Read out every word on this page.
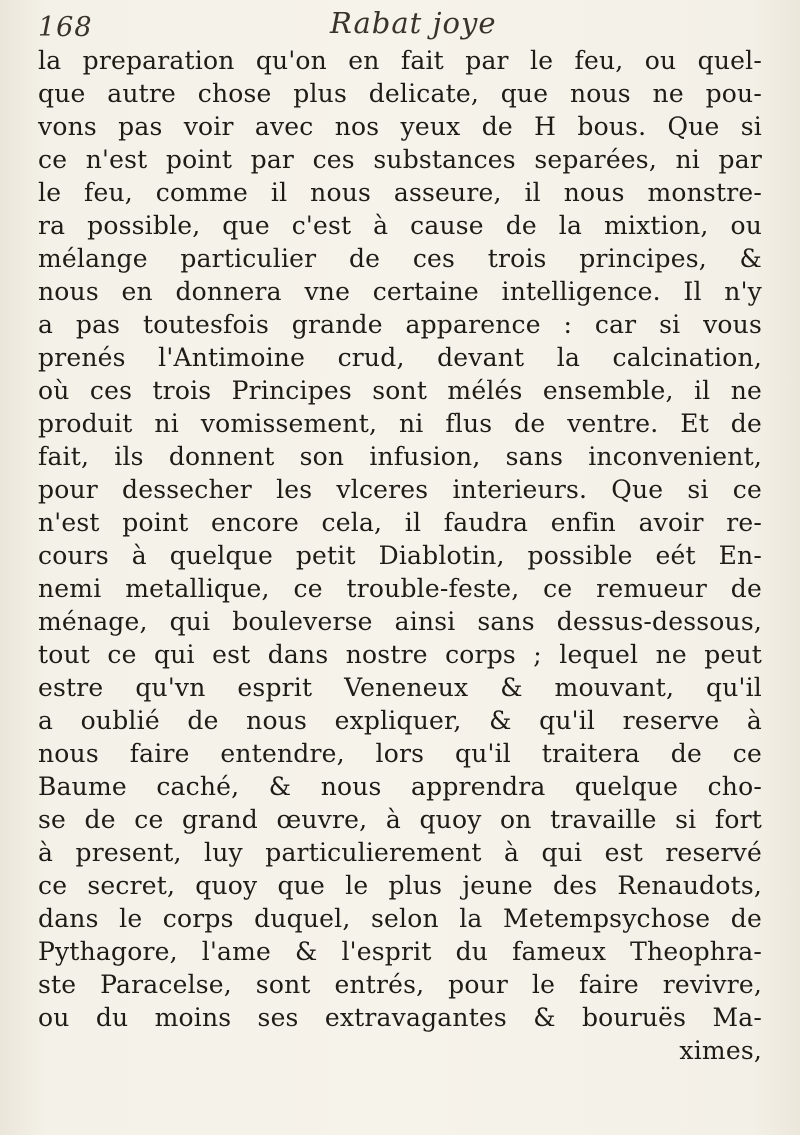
168	Rabat joye
la preparation qu'on en fait par le feu, ou quel-
que autre chose plus delicate, que nous ne pou-
vons pas voir avec nos yeux de H bous. Que si
ce n'est point par ces substances separées, ni par
le feu, comme il nous asseure, il nous monstre-
ra possible, que c'est à cause de la mixtion, ou
mélange particulier de ces trois principes, &
nous en donnera vne certaine intelligence. Il n'y
a pas toutesfois grande apparence : car si vous
prenés l'Antimoine crud, devant la calcination,
où ces trois Principes sont mélés ensemble, il ne
produit ni vomissement, ni flus de ventre. Et de
fait, ils donnent son infusion, sans inconvenient,
pour dessecher les vlceres interieurs. Que si ce
n'est point encore cela, il faudra enfin avoir re-
cours à quelque petit Diablotin, possible eét En-
nemi metallique, ce trouble-feste, ce remueur de
ménage, qui bouleverse ainsi sans dessus-dessous,
tout ce qui est dans nostre corps ; lequel ne peut
estre qu'vn esprit Veneneux & mouvant, qu'il
a oublié de nous expliquer, & qu'il reserve à
nous faire entendre, lors qu'il traitera de ce
Baume caché, & nous apprendra quelque cho-
se de ce grand œuvre, à quoy on travaille si fort
à present, luy particulierement à qui est reservé
ce secret, quoy que le plus jeune des Renaudots,
dans le corps duquel, selon la Metempsychose de
Pythagore, l'ame & l'esprit du fameux Theophra-
ste Paracelse, sont entrés, pour le faire revivre,
ou du moins ses extravagantes & bouruës Ma-
ximes,
